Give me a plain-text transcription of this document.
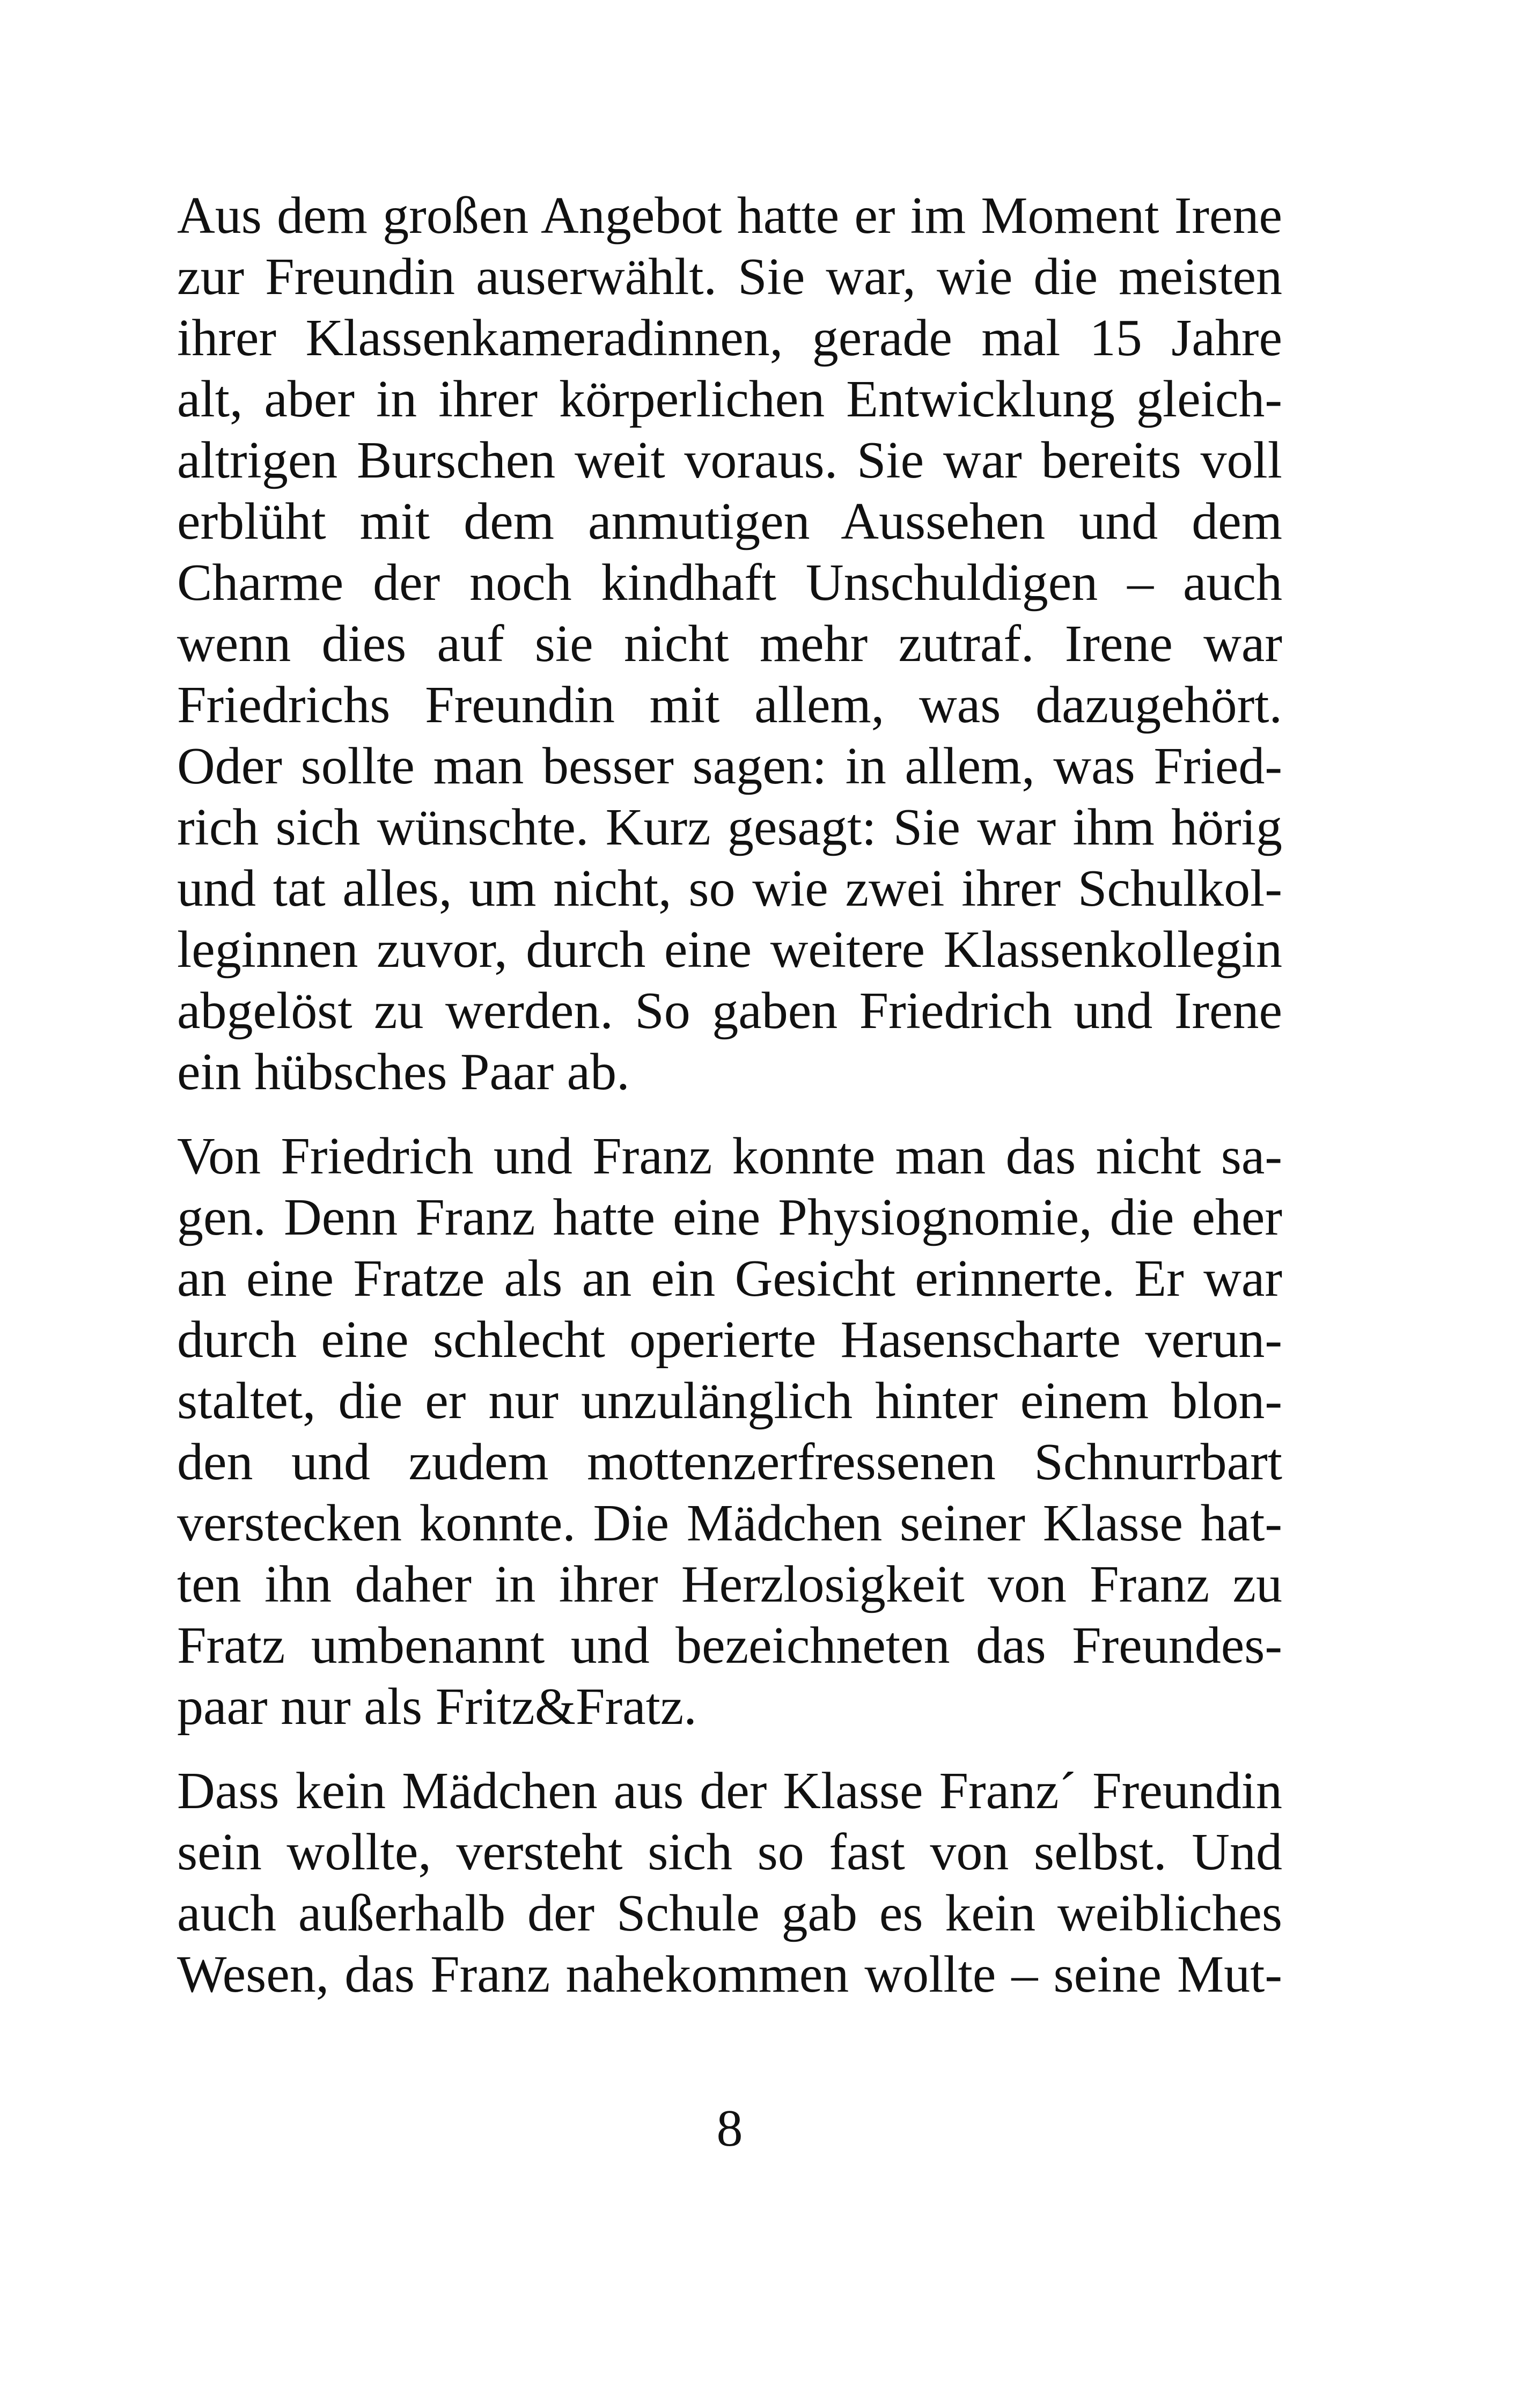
Aus dem großen Angebot hatte er im Moment Irene
zur Freundin auserwählt. Sie war, wie die meisten
ihrer Klassenkameradinnen, gerade mal 15 Jahre
alt, aber in ihrer körperlichen Entwicklung gleich-
altrigen Burschen weit voraus. Sie war bereits voll
erblüht mit dem anmutigen Aussehen und dem
Charme der noch kindhaft Unschuldigen – auch
wenn dies auf sie nicht mehr zutraf. Irene war
Friedrichs Freundin mit allem, was dazugehört.
Oder sollte man besser sagen: in allem, was Fried-
rich sich wünschte. Kurz gesagt: Sie war ihm hörig
und tat alles, um nicht, so wie zwei ihrer Schulkol-
leginnen zuvor, durch eine weitere Klassenkollegin
abgelöst zu werden. So gaben Friedrich und Irene
ein hübsches Paar ab.
Von Friedrich und Franz konnte man das nicht sa-
gen. Denn Franz hatte eine Physiognomie, die eher
an eine Fratze als an ein Gesicht erinnerte. Er war
durch eine schlecht operierte Hasenscharte verun-
staltet, die er nur unzulänglich hinter einem blon-
den und zudem mottenzerfressenen Schnurrbart
verstecken konnte. Die Mädchen seiner Klasse hat-
ten ihn daher in ihrer Herzlosigkeit von Franz zu
Fratz umbenannt und bezeichneten das Freundes-
paar nur als Fritz&Fratz.
Dass kein Mädchen aus der Klasse Franz´ Freundin
sein wollte, versteht sich so fast von selbst. Und
auch außerhalb der Schule gab es kein weibliches
Wesen, das Franz nahekommen wollte – seine Mut-
8
